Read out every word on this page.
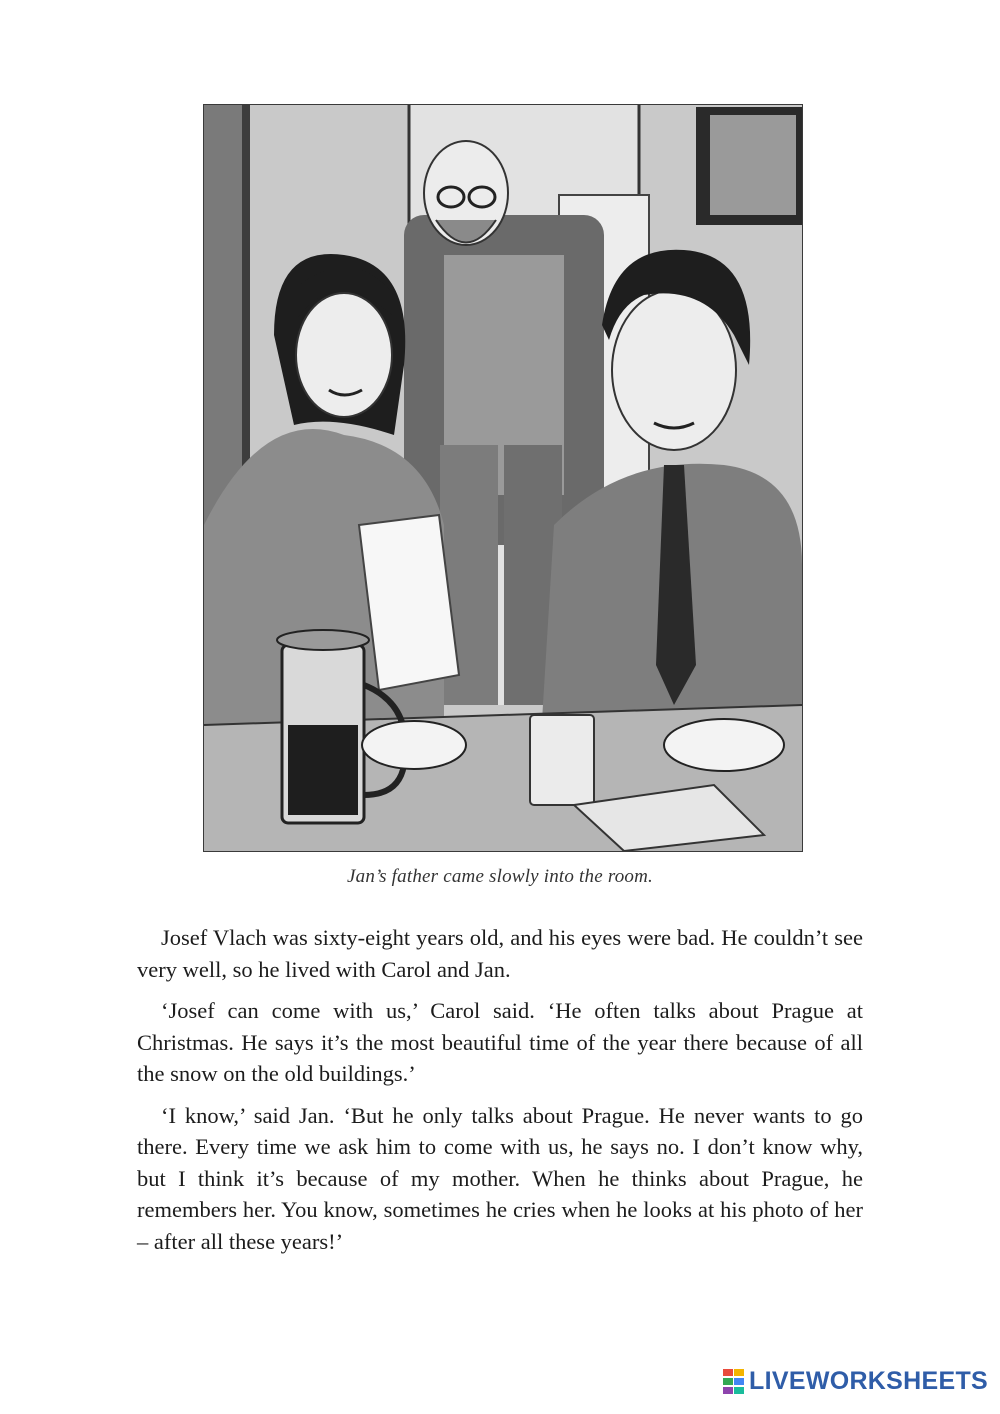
Jan’s father came slowly into the room.

Josef Vlach was sixty-eight years old, and his eyes were bad. He couldn’t see very well, so he lived with Carol and Jan.

‘Josef can come with us,’ Carol said. ‘He often talks about Prague at Christmas. He says it’s the most beautiful time of the year there because of all the snow on the old buildings.’

‘I know,’ said Jan. ‘But he only talks about Prague. He never wants to go there. Every time we ask him to come with us, he says no. I don’t know why, but I think it’s because of my mother. When he thinks about Prague, he remembers her. You know, sometimes he cries when he looks at his photo of her – after all these years!’

LIVEWORKSHEETS
